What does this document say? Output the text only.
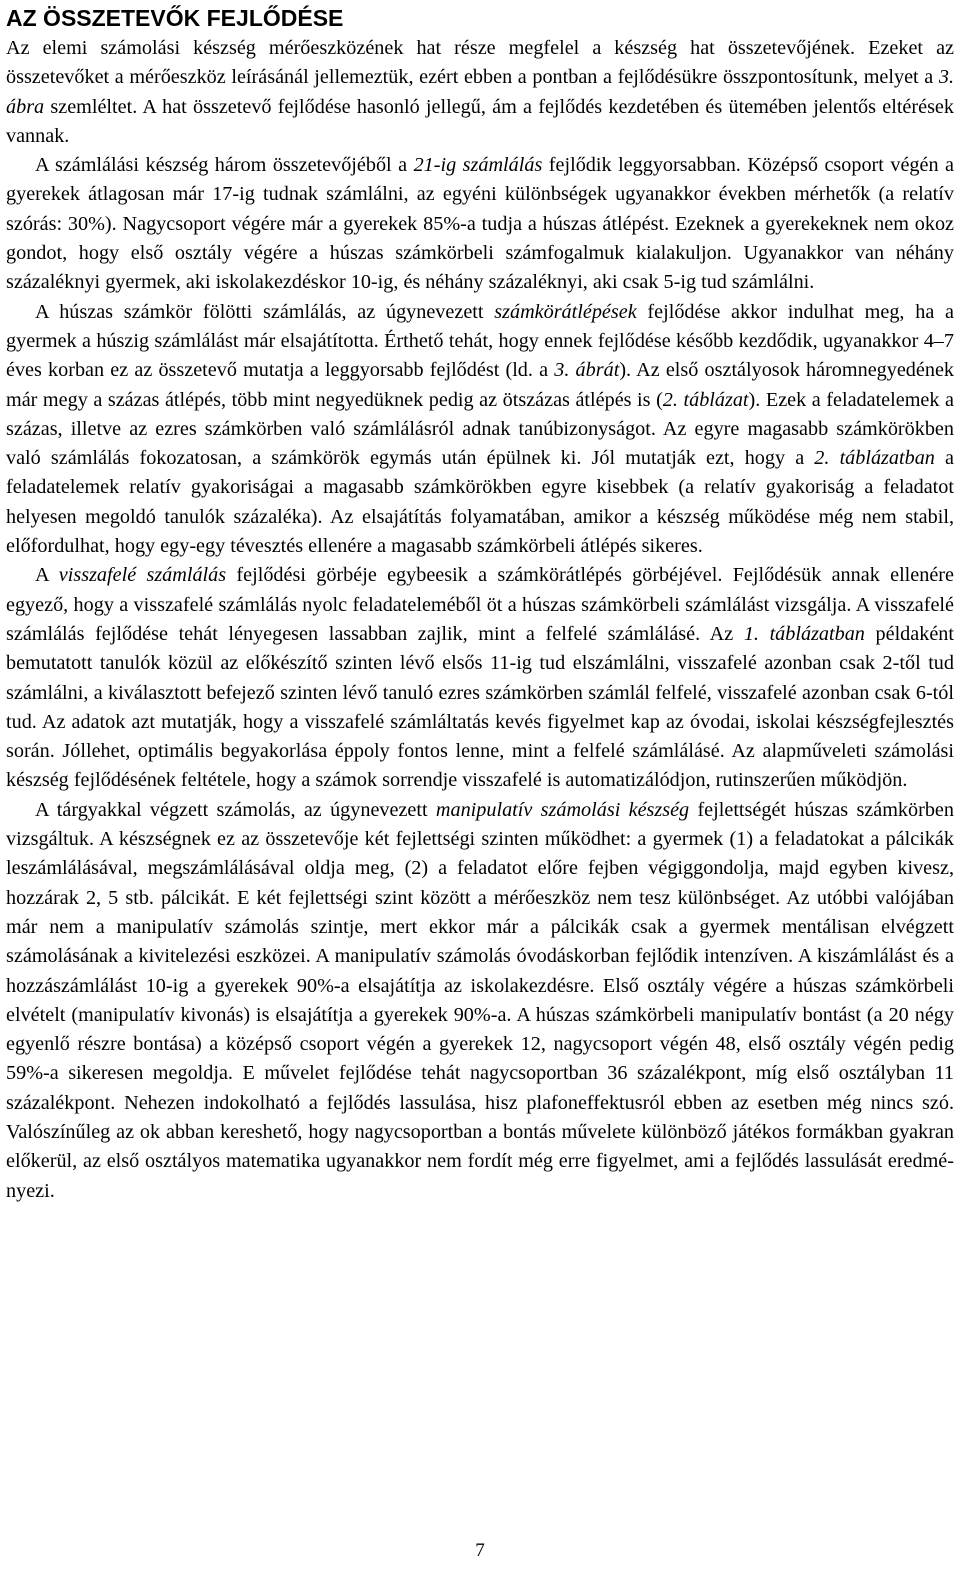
AZ ÖSSZETEVŐK FEJLŐDÉSE

Az elemi számolási készség mérőeszközének hat része megfelel a készség hat összetevőjének. Ezeket az összetevőket a mérőeszköz leírásánál jellemeztük, ezért ebben a pontban a fejlődésükre összpontosítunk, melyet a 3. ábra szemléltet. A hat összetevő fejlődése hasonló jellegű, ám a fejlődés kezdetében és ütemében jelentős eltérések vannak.

A számlálási készség három összetevőjéből a 21-ig számlálás fejlődik leggyorsabban. Középső csoport végén a gyerekek átlagosan már 17-ig tudnak számlálni, az egyéni különbségek ugyanakkor években mérhetők (a relatív szórás: 30%). Nagycsoport végére már a gyerekek 85%-a tudja a húszas átlépést. Ezeknek a gyerekeknek nem okoz gondot, hogy első osztály végére a húszas számkörbeli számfogalmuk kialakuljon. Ugyanakkor van néhány százaléknyi gyermek, aki iskolakezdéskor 10-ig, és néhány százaléknyi, aki csak 5-ig tud számlálni.

A húszas számkör fölötti számlálás, az úgynevezett számkörátlépések fejlődése akkor indulhat meg, ha a gyermek a húszig számlálást már elsajátította. Érthető tehát, hogy ennek fejlődése később kezdődik, ugyanakkor 4–7 éves korban ez az összetevő mutatja a leggyorsabb fejlődést (ld. a 3. ábrát). Az első osztályosok háromnegyedének már megy a százas átlépés, több mint negyedüknek pedig az ötszázas átlépés is (2. táblázat). Ezek a feladatelemek a százas, illetve az ezres számkörben való számlálásról adnak tanúbizonyságot. Az egyre magasabb számkörökben való számlálás fokozatosan, a számkörök egymás után épülnek ki. Jól mutatják ezt, hogy a 2. táblázatban a feladatelemek relatív gyakoriságai a magasabb számkörökben egyre kisebbek (a relatív gyakoriság a feladatot helyesen megoldó tanulók százaléka). Az elsajátítás folyamatában, amikor a készség működése még nem stabil, előfordulhat, hogy egy-egy tévesztés ellenére a magasabb számkörbeli átlépés sikeres.

A visszafelé számlálás fejlődési görbéje egybeesik a számkörátlépés görbéjével. Fejlődésük annak ellenére egyező, hogy a visszafelé számlálás nyolc feladateleméből öt a húszas számkörbeli számlálást vizsgálja. A visszafelé számlálás fejlődése tehát lényegesen lassabban zajlik, mint a felfelé számlálásé. Az 1. táblázatban példaként bemutatott tanulók közül az előkészítő szinten lévő elsős 11-ig tud elszámlálni, visszafelé azonban csak 2-től tud számlálni, a kiválasztott befejező szinten lévő tanuló ezres számkörben számlál felfelé, visszafelé azonban csak 6-tól tud. Az adatok azt mutatják, hogy a visszafelé számláltatás kevés figyelmet kap az óvodai, iskolai készségfejlesztés során. Jóllehet, optimális begyakorlása éppoly fontos lenne, mint a felfelé számlálásé. Az alapműveleti számolási készség fejlődésének feltétele, hogy a számok sorrendje visszafelé is automatizálódjon, rutinszerűen működjön.

A tárgyakkal végzett számolás, az úgynevezett manipulatív számolási készség fejlettségét húszas számkörben vizsgáltuk. A készségnek ez az összetevője két fejlettségi szinten működhet: a gyermek (1) a feladatokat a pálcikák leszámlálásával, megszámlálásával oldja meg, (2) a feladatot előre fejben végiggondolja, majd egyben kivesz, hozzárak 2, 5 stb. pálcikát. E két fejlettségi szint között a mérőeszköz nem tesz különbséget. Az utóbbi valójában már nem a manipulatív számolás szintje, mert ekkor már a pálcikák csak a gyermek mentálisan elvégzett számolásának a kivitelezési eszközei. A manipulatív számolás óvodáskorban fejlődik intenzíven. A kiszámlálást és a hozzászámlálást 10-ig a gyerekek 90%-a elsajátítja az iskolakezdésre. Első osztály végére a húszas számkörbeli elvételt (manipulatív kivonás) is elsajátítja a gyerekek 90%-a. A húszas számkörbeli manipulatív bontást (a 20 négy egyenlő részre bontása) a középső csoport végén a gyerekek 12, nagycsoport végén 48, első osztály végén pedig 59%-a sikeresen megoldja. E művelet fejlődése tehát nagycsoportban 36 százalékpont, míg első osztályban 11 százalékpont. Nehezen indokolható a fejlődés lassulása, hisz plafoneffektusról ebben az esetben még nincs szó. Valószínűleg az ok abban kereshető, hogy nagycsoportban a bontás művelete különböző játékos formákban gyakran előkerül, az első osztályos matematika ugyanakkor nem fordít még erre figyelmet, ami a fejlődés lassulását eredményezi.

7
